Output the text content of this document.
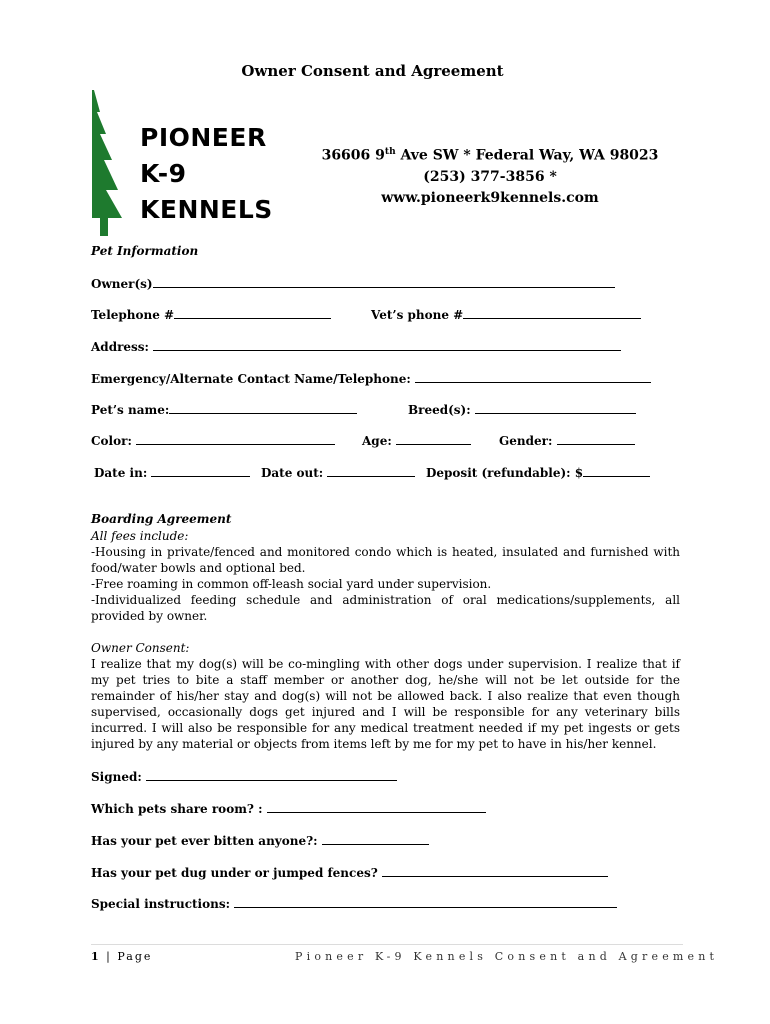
Owner Consent and Agreement
PIONEER
K-9
KENNELS
36606 9th Ave SW * Federal Way, WA 98023
(253) 377-3856 * www.pioneerk9kennels.com
Pet Information
Owner(s)
Telephone #	Vet’s phone #
Address:
Emergency/Alternate Contact Name/Telephone:
Pet’s name:	Breed(s):
Color:	Age:	Gender:
Date in:	Date out:	Deposit (refundable): $
Boarding Agreement
All fees include:
-Housing in private/fenced and monitored condo which is heated, insulated and furnished with food/water bowls and optional bed.
-Free roaming in common off-leash social yard under supervision.
-Individualized feeding schedule and administration of oral medications/supplements, all provided by owner.
Owner Consent:
I realize that my dog(s) will be co-mingling with other dogs under supervision. I realize that if my pet tries to bite a staff member or another dog, he/she will not be let outside for the remainder of his/her stay and dog(s) will not be allowed back. I also realize that even though supervised, occasionally dogs get injured and I will be responsible for any veterinary bills incurred. I will also be responsible for any medical treatment needed if my pet ingests or gets injured by any material or objects from items left by me for my pet to have in his/her kennel.
Signed:
Which pets share room? :
Has your pet ever bitten anyone?:
Has your pet dug under or jumped fences?
Special instructions:
1 | Page	Pioneer K-9 Kennels Consent and Agreement
